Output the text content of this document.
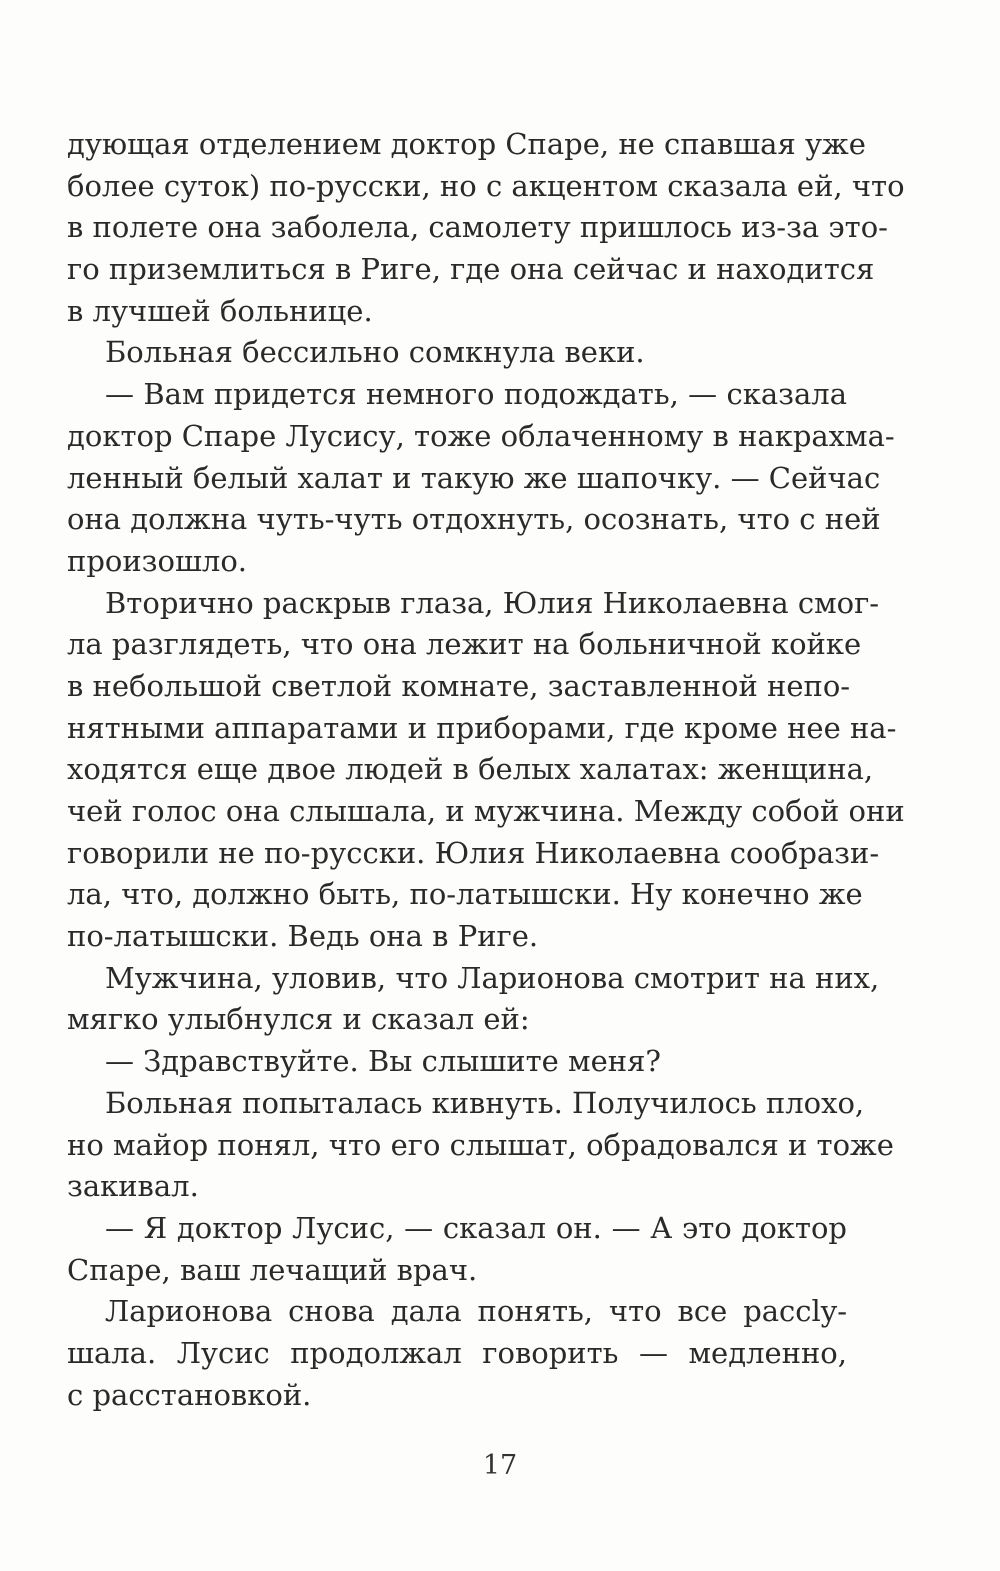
дующая отделением доктор Спаре, не спавшая уже
более суток) по-русски, но с акцентом сказала ей, что
в полете она заболела, самолету пришлось из-за это-
го приземлиться в Риге, где она сейчас и находится
в лучшей больнице.
Больная бессильно сомкнула веки.
— Вам придется немного подождать, — сказала
доктор Спаре Лусису, тоже облаченному в накрахма-
ленный белый халат и такую же шапочку. — Сейчас
она должна чуть-чуть отдохнуть, осознать, что с ней
произошло.
Вторично раскрыв глаза, Юлия Николаевна смог-
ла разглядеть, что она лежит на больничной койке
в небольшой светлой комнате, заставленной непо-
нятными аппаратами и приборами, где кроме нее на-
ходятся еще двое людей в белых халатах: женщина,
чей голос она слышала, и мужчина. Между собой они
говорили не по-русски. Юлия Николаевна сообрази-
ла, что, должно быть, по-латышски. Ну конечно же
по-латышски. Ведь она в Риге.
Мужчина, уловив, что Ларионова смотрит на них,
мягко улыбнулся и сказал ей:
— Здравствуйте. Вы слышите меня?
Больная попыталась кивнуть. Получилось плохо,
но майор понял, что его слышат, обрадовался и тоже
закивал.
— Я доктор Лусис, — сказал он. — А это доктор
Спаре, ваш лечащий врач.
Ларионова снова дала понять, что все рассly-
шала. Лусис продолжал говорить — медленно,
с расстановкой.
17
